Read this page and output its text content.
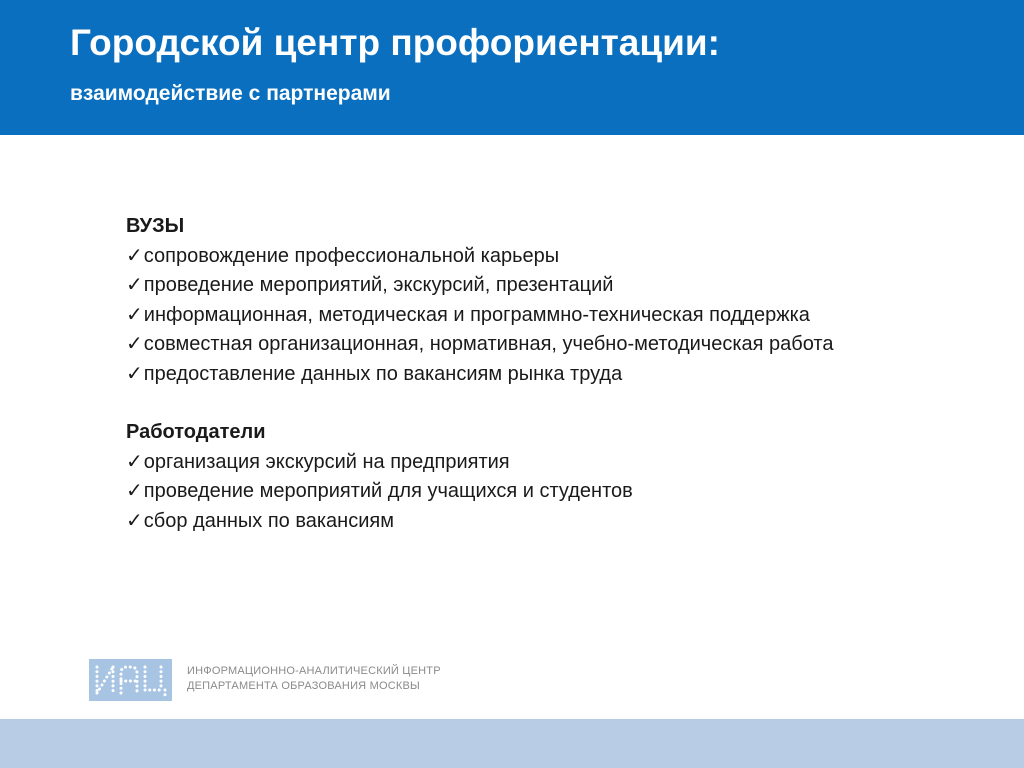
Городской центр профориентации:
взаимодействие с партнерами
ВУЗЫ
✓сопровождение профессиональной карьеры
✓проведение мероприятий, экскурсий, презентаций
✓информационная, методическая и программно-техническая поддержка
✓совместная организационная, нормативная, учебно-методическая работа
✓предоставление данных по вакансиям рынка труда
Работодатели
✓организация экскурсий на предприятия
✓проведение мероприятий для учащихся и студентов
✓сбор данных по вакансиям
ИНФОРМАЦИОННО-АНАЛИТИЧЕСКИЙ ЦЕНТР
ДЕПАРТАМЕНТА ОБРАЗОВАНИЯ МОСКВЫ
